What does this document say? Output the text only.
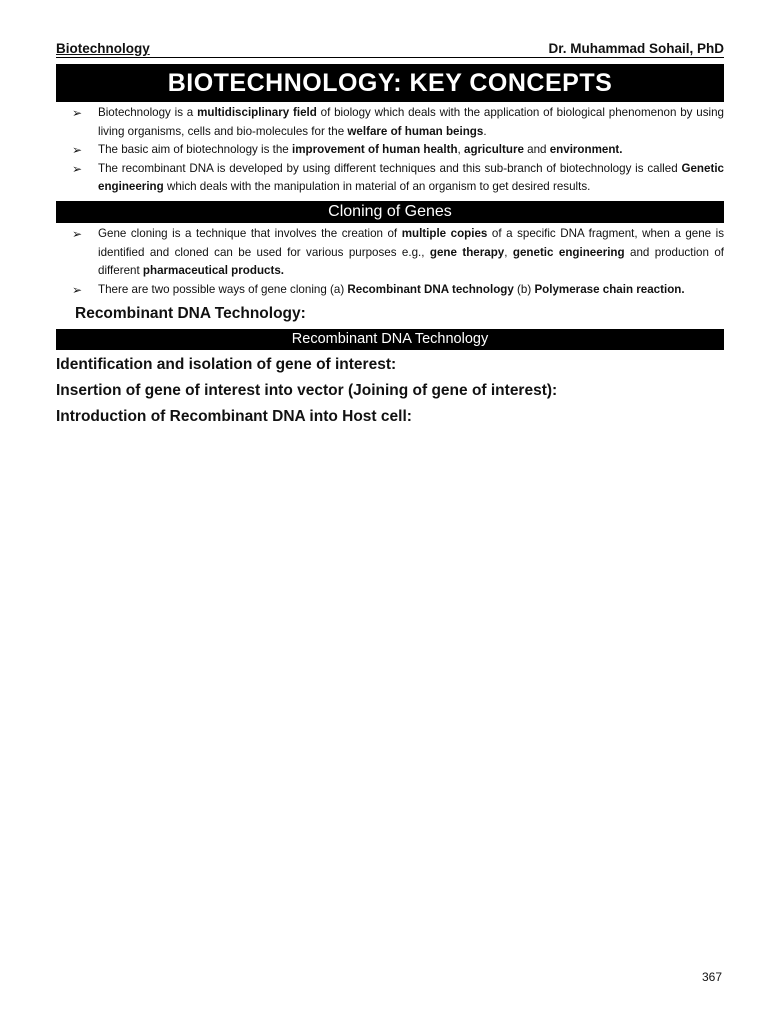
Biotechnology	Dr. Muhammad Sohail, PhD
BIOTECHNOLOGY: KEY CONCEPTS
➢ Biotechnology is a multidisciplinary field of biology which deals with the application of biological phenomenon by using living organisms, cells and bio-molecules for the welfare of human beings.
➢ The basic aim of biotechnology is the improvement of human health, agriculture and environment.
➢ The recombinant DNA is developed by using different techniques and this sub-branch of biotechnology is called Genetic engineering which deals with the manipulation in material of an organism to get desired results.
Cloning of Genes
➢ Gene cloning is a technique that involves the creation of multiple copies of a specific DNA fragment, when a gene is identified and cloned can be used for various purposes e.g., gene therapy, genetic engineering and production of different pharmaceutical products.
➢ There are two possible ways of gene cloning (a) Recombinant DNA technology (b) Polymerase chain reaction.
Recombinant DNA Technology:
Recombinant DNA Technology
Identification and isolation of gene of interest:
Insertion of gene of interest into vector (Joining of gene of interest):
Introduction of Recombinant DNA into Host cell:
367
